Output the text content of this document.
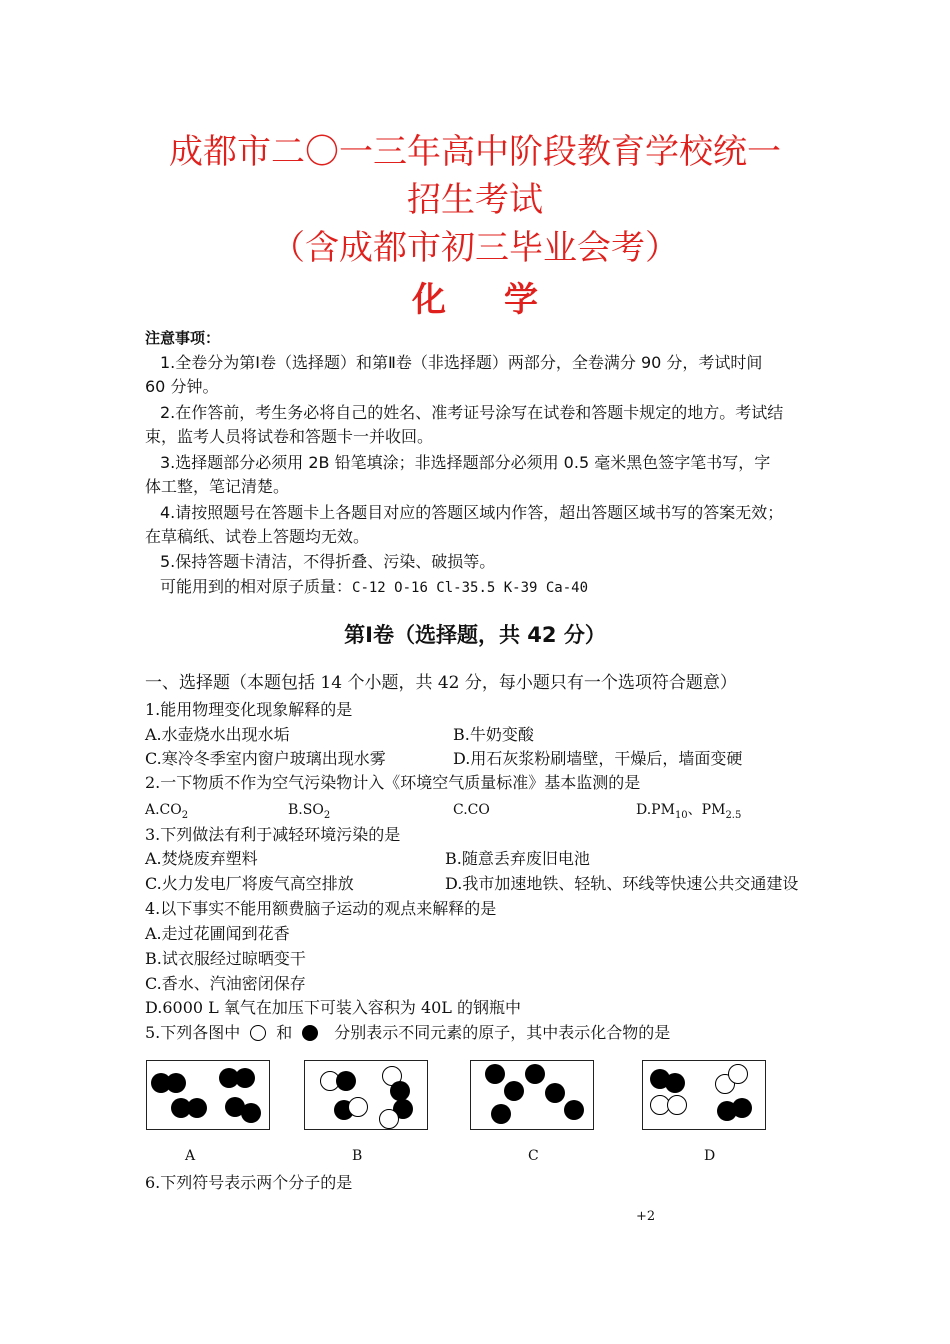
成都市二〇一三年高中阶段教育学校统一
招生考试
（含成都市初三毕业会考）
化学
注意事项：
1.全卷分为第Ⅰ卷（选择题）和第Ⅱ卷（非选择题）两部分，全卷满分 90 分，考试时间
60 分钟。
2.在作答前，考生务必将自己的姓名、准考证号涂写在试卷和答题卡规定的地方。考试结
束，监考人员将试卷和答题卡一并收回。
3.选择题部分必须用 2B 铅笔填涂；非选择题部分必须用 0.5 毫米黑色签字笔书写，字
体工整，笔记清楚。
4.请按照题号在答题卡上各题目对应的答题区域内作答，超出答题区域书写的答案无效；
在草稿纸、试卷上答题均无效。
5.保持答题卡清洁，不得折叠、污染、破损等。
可能用到的相对原子质量：C-12 O-16 Cl-35.5 K-39 Ca-40
第Ⅰ卷（选择题，共 42 分）
一、选择题（本题包括 14 个小题，共 42 分，每小题只有一个选项符合题意）
1.能用物理变化现象解释的是
A.水壶烧水出现水垢	B.牛奶变酸
C.寒冷冬季室内窗户玻璃出现水雾	D.用石灰浆粉刷墙壁，干燥后，墙面变硬
2.一下物质不作为空气污染物计入《环境空气质量标准》基本监测的是
$A.CO_2$	$B.SO_2$	C.CO	$D.PM_{10}$、$PM_{2.5}$
3.下列做法有利于减轻环境污染的是
A.焚烧废弃塑料	B.随意丢弃废旧电池
C.火力发电厂将废气高空排放	D.我市加速地铁、轻轨、环线等快速公共交通建设
4.以下事实不能用额费脑子运动的观点来解释的是
A.走过花圃闻到花香
B.试衣服经过晾晒变干
C.香水、汽油密闭保存
D.6000 L 氧气在加压下可装入容积为 40L 的钢瓶中
5.下列各图中 和	分别表示不同元素的原子，其中表示化合物的是
A	B	C	D
6.下列符号表示两个分子的是
+2
